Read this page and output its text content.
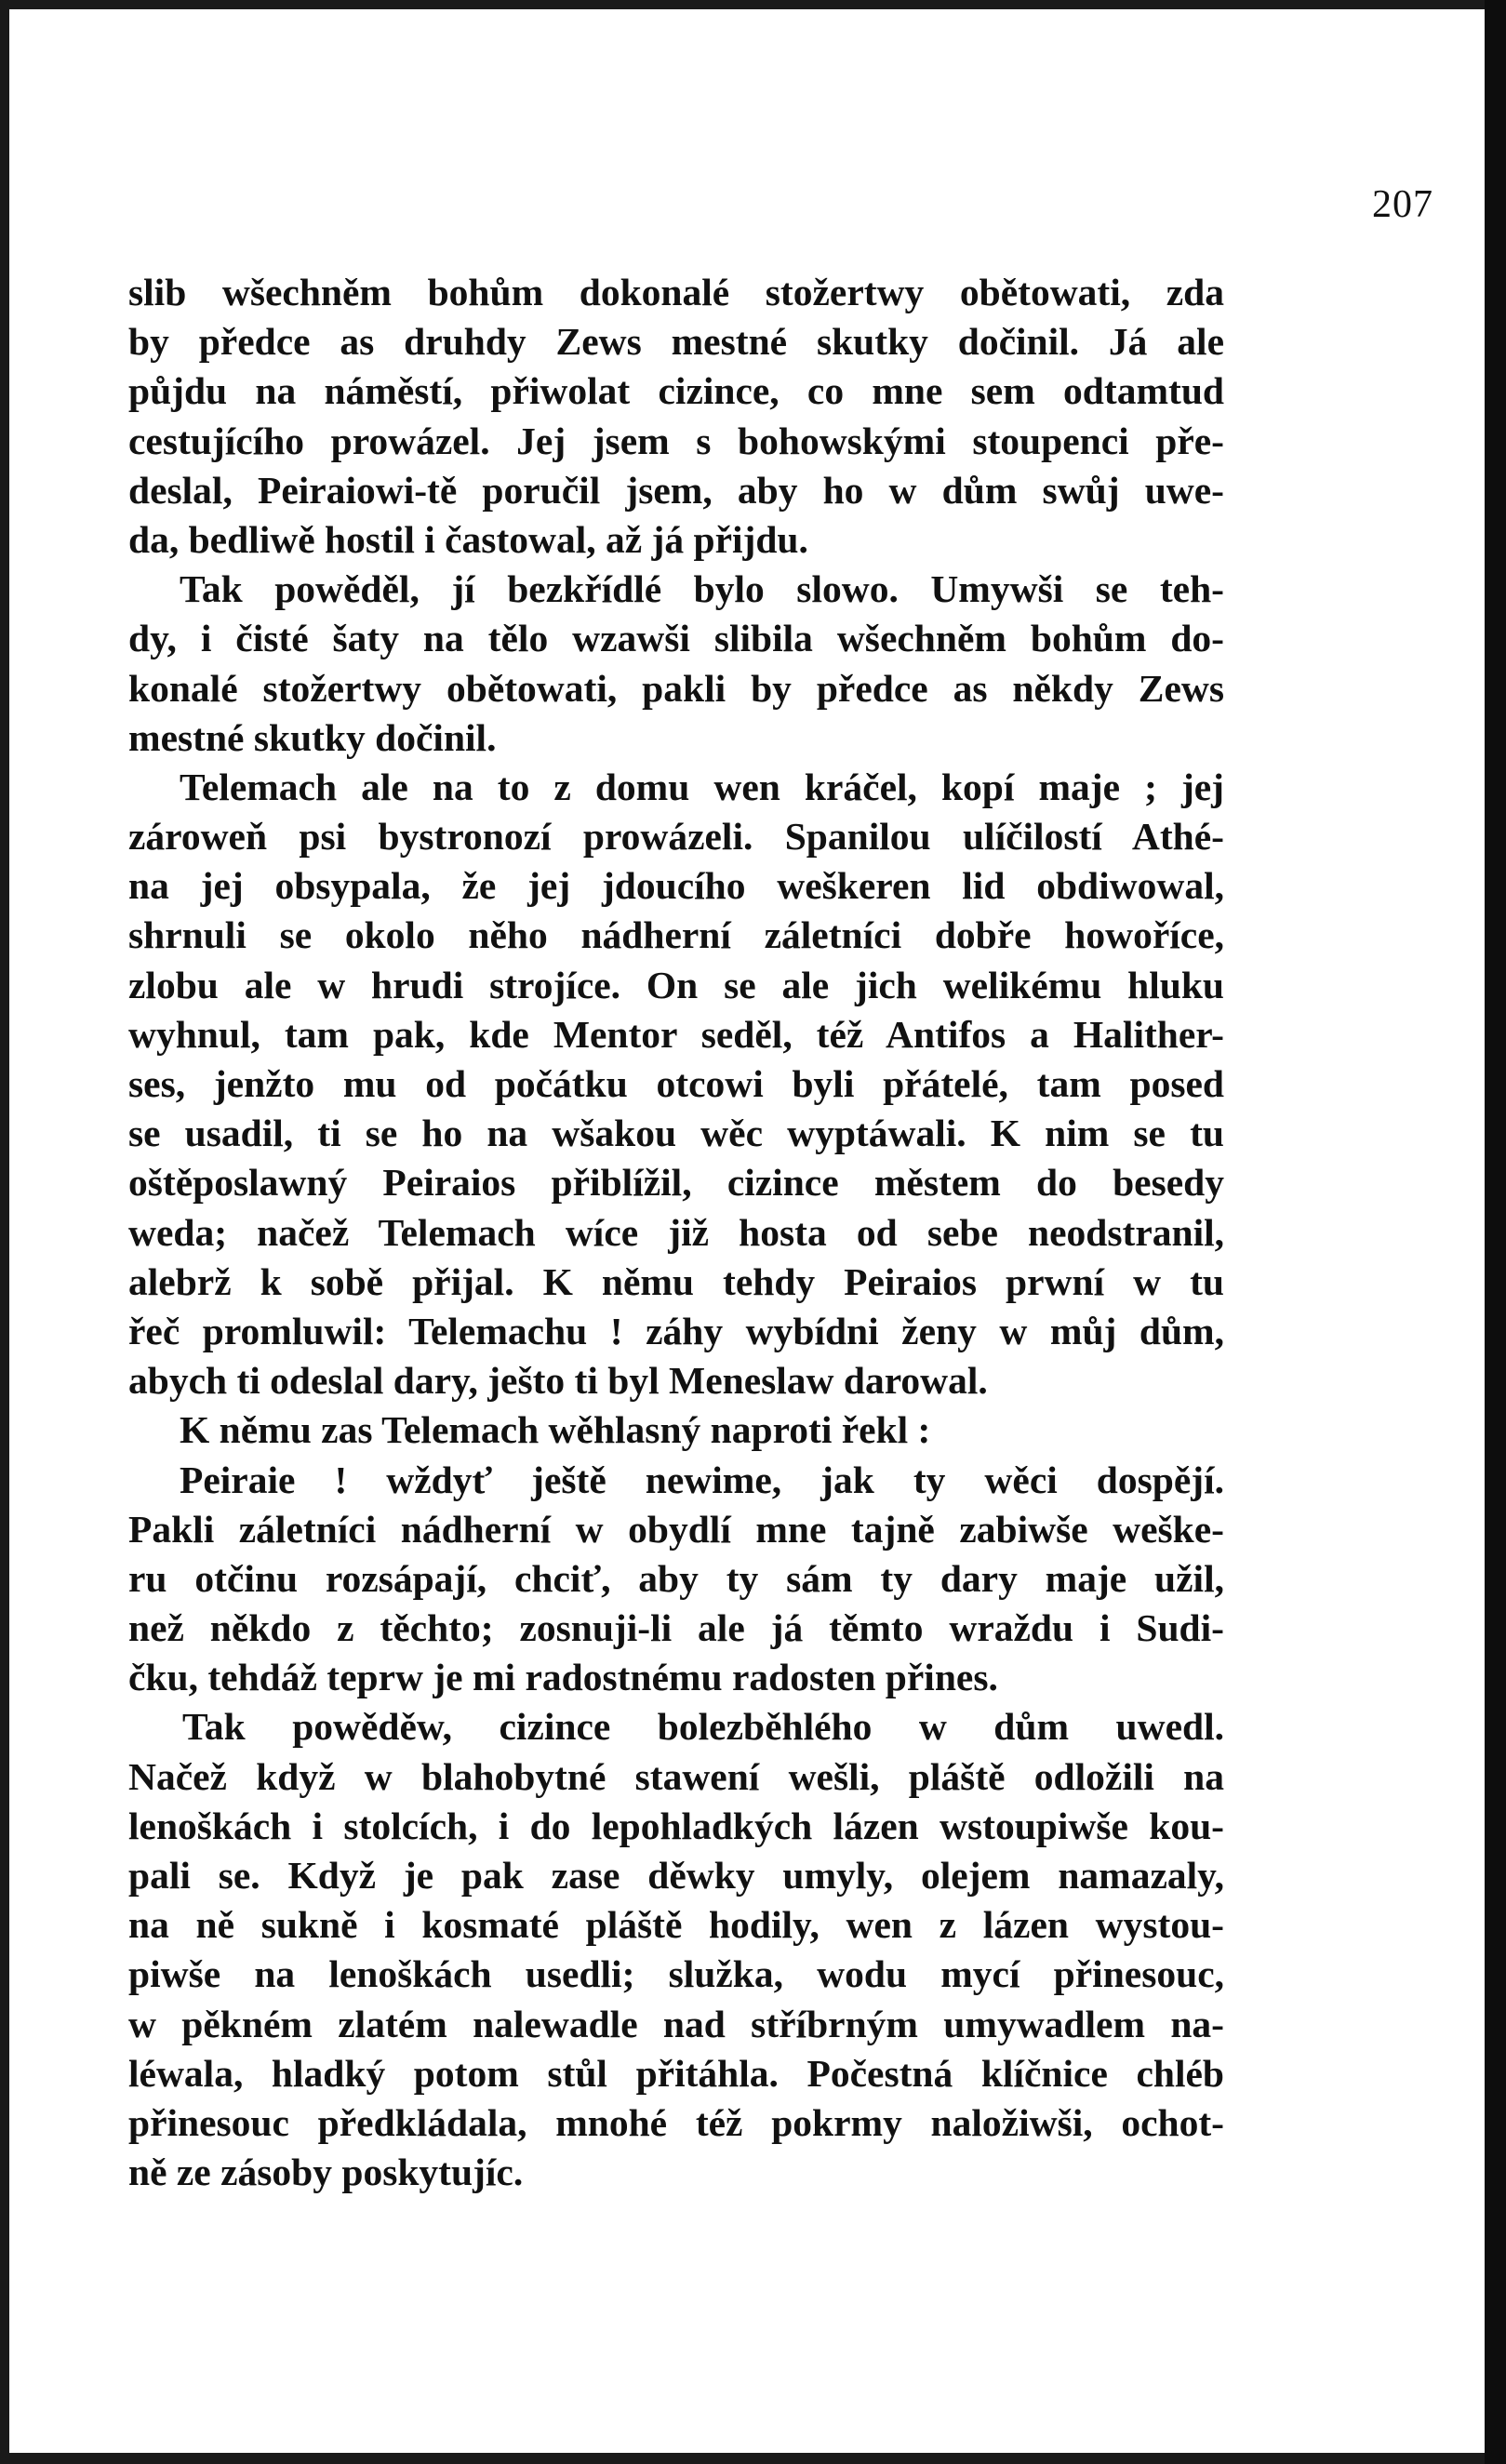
207
slib wšechněm bohům dokonalé stožertwy obětowati, zda
by předce as druhdy Zews mestné skutky dočinil. Já ale
půjdu na náměstí, přiwolat cizince, co mne sem odtamtud
cestujícího prowázel. Jej jsem s bohowskými stoupenci pře-
deslal, Peiraiowi-tě poručil jsem, aby ho w dům swůj uwe-
da, bedliwě hostil i častowal, až já přijdu.
Tak powěděl, jí bezkřídlé bylo slowo. Umywši se teh-
dy, i čisté šaty na tělo wzawši slibila wšechněm bohům do-
konalé stožertwy obětowati, pakli by předce as někdy Zews
mestné skutky dočinil.
Telemach ale na to z domu wen kráčel, kopí maje ; jej
zároweň psi bystronozí prowázeli. Spanilou ulíčilostí Athé-
na jej obsypala, že jej jdoucího weškeren lid obdiwowal,
shrnuli se okolo něho nádherní záletníci dobře howoříce,
zlobu ale w hrudi strojíce. On se ale jich welikému hluku
wyhnul, tam pak, kde Mentor seděl, též Antifos a Halither-
ses, jenžto mu od počátku otcowi byli přátelé, tam posed
se usadil, ti se ho na wšakou wěc wyptáwali. K nim se tu
oštěposlawný Peiraios přiblížil, cizince městem do besedy
weda; načež Telemach wíce již hosta od sebe neodstranil,
alebrž k sobě přijal. K němu tehdy Peiraios prwní w tu
řeč promluwil: Telemachu ! záhy wybídni ženy w můj dům,
abych ti odeslal dary, ješto ti byl Meneslaw darowal.
K němu zas Telemach wěhlasný naproti řekl :
Peiraie ! wždyť ještě newime, jak ty wěci dospějí.
Pakli záletníci nádherní w obydlí mne tajně zabiwše weške-
ru otčinu rozsápají, chciť, aby ty sám ty dary maje užil,
než někdo z těchto; zosnuji-li ale já těmto wraždu i Sudi-
čku, tehdáž teprw je mi radostnému radosten přines.
Tak powěděw, cizince bolezběhlého w dům uwedl.
Načež když w blahobytné stawení wešli, pláště odložili na
lenoškách i stolcích, i do lepohladkých lázen wstoupiwše kou-
pali se. Když je pak zase děwky umyly, olejem namazaly,
na ně sukně i kosmaté pláště hodily, wen z lázen wystou-
piwše na lenoškách usedli; služka, wodu mycí přinesouc,
w pěkném zlatém nalewadle nad stříbrným umywadlem na-
léwala, hladký potom stůl přitáhla. Počestná klíčnice chléb
přinesouc předkládala, mnohé též pokrmy naložiwši, ochot-
ně ze zásoby poskytujíc.
